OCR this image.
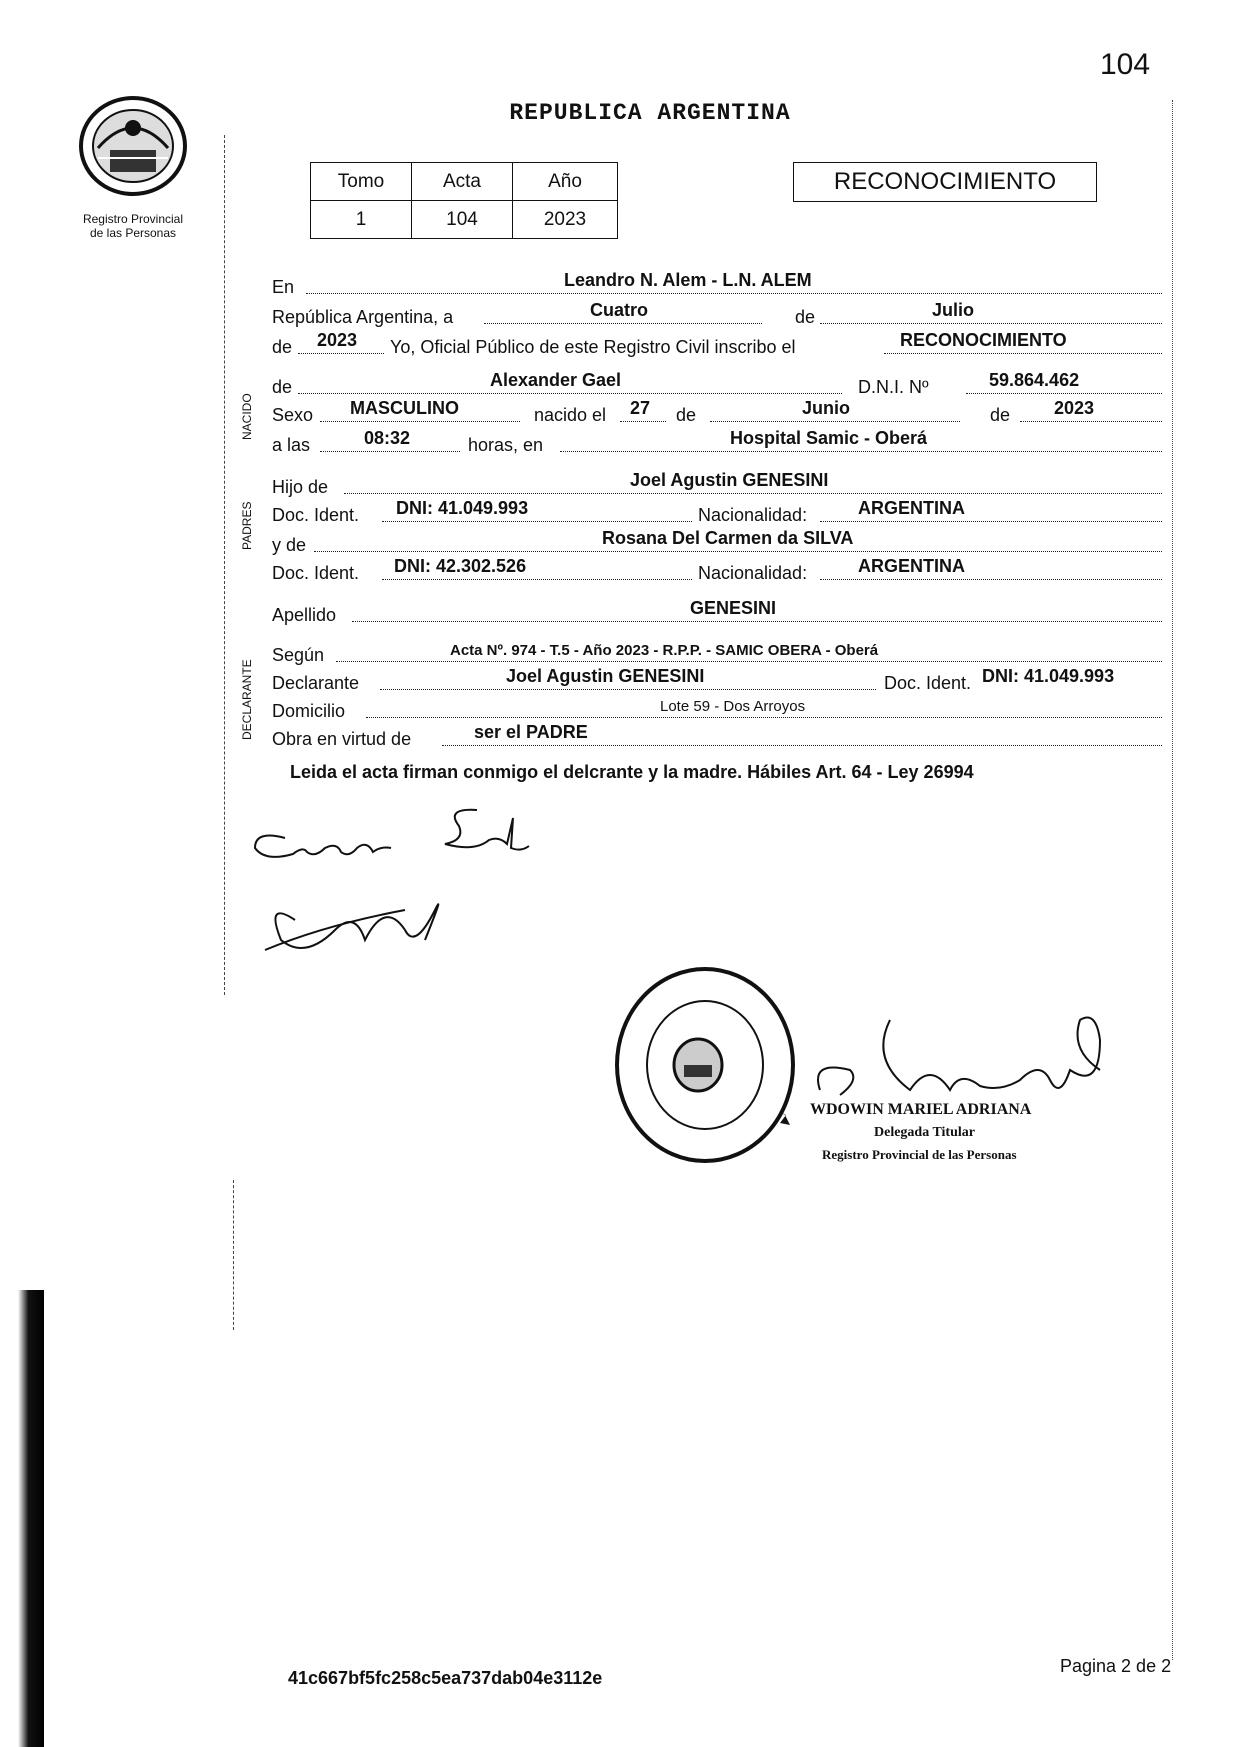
104
Registro Provincial
de las Personas
REPUBLICA ARGENTINA
Tomo	Acta	Año
1	104	2023
RECONOCIMIENTO
NACIDO
PADRES
DECLARANTE
En	Leandro N. Alem - L.N. ALEM
República Argentina, a	Cuatro	de	Julio
de 2023 Yo, Oficial Público de este Registro Civil inscribo el	RECONOCIMIENTO
de	Alexander Gael	D.N.I. Nº	59.864.462
Sexo MASCULINO	nacido el 27 de	Junio	de 2023
a las	08:32	horas, en	Hospital Samic - Oberá
Hijo de	Joel Agustin GENESINI
Doc. Ident. DNI: 41.049.993	Nacionalidad:	ARGENTINA
y de	Rosana Del Carmen da SILVA
Doc. Ident. DNI: 42.302.526	Nacionalidad:	ARGENTINA
Apellido	GENESINI
Según	Acta Nº. 974 - T.5 - Año 2023 - R.P.P. - SAMIC OBERA - Oberá
Declarante	Joel Agustin GENESINI	Doc. Ident. DNI: 41.049.993
Domicilio	Lote 59 - Dos Arroyos
Obra en virtud de	ser el PADRE
Leida el acta firman conmigo el delcrante y la madre. Hábiles Art. 64 - Ley 26994
WDOWIN MARIEL ADRIANA
Delegada Titular
Registro Provincial de las Personas
41c667bf5fc258c5ea737dab04e3112e
Pagina 2 de 2
